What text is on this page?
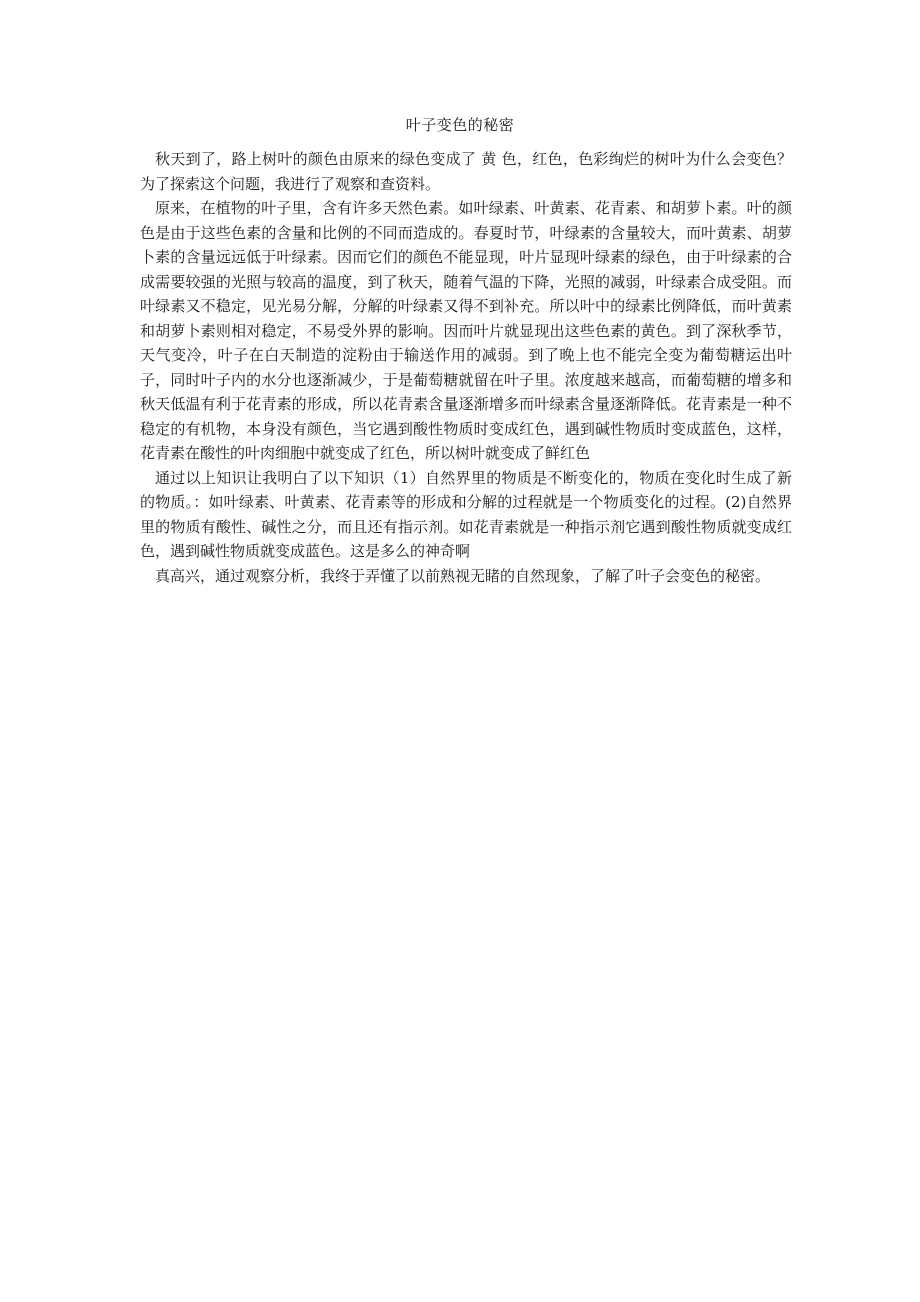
叶子变色的秘密

秋天到了，路上树叶的颜色由原来的绿色变成了 黄 色，红色，色彩绚烂的树叶为什么会变色？为了探索这个问题，我进行了观察和查资料。

原来，在植物的叶子里，含有许多天然色素。如叶绿素、叶黄素、花青素、和胡萝卜素。叶的颜色是由于这些色素的含量和比例的不同而造成的。春夏时节，叶绿素的含量较大，而叶黄素、胡萝卜素的含量远远低于叶绿素。因而它们的颜色不能显现，叶片显现叶绿素的绿色，由于叶绿素的合成需要较强的光照与较高的温度，到了秋天，随着气温的下降，光照的减弱，叶绿素合成受阻。而叶绿素又不稳定，见光易分解，分解的叶绿素又得不到补充。所以叶中的绿素比例降低，而叶黄素和胡萝卜素则相对稳定，不易受外界的影响。因而叶片就显现出这些色素的黄色。到了深秋季节，天气变冷，叶子在白天制造的淀粉由于输送作用的减弱。到了晚上也不能完全变为葡萄糖运出叶子，同时叶子内的水分也逐渐减少，于是葡萄糖就留在叶子里。浓度越来越高，而葡萄糖的增多和秋天低温有利于花青素的形成，所以花青素含量逐渐增多而叶绿素含量逐渐降低。花青素是一种不稳定的有机物，本身没有颜色，当它遇到酸性物质时变成红色，遇到碱性物质时变成蓝色，这样，花青素在酸性的叶肉细胞中就变成了红色，所以树叶就变成了鲜红色

通过以上知识让我明白了以下知识（1）自然界里的物质是不断变化的，物质在变化时生成了新的物质。：如叶绿素、叶黄素、花青素等的形成和分解的过程就是一个物质变化的过程。(2)自然界里的物质有酸性、碱性之分，而且还有指示剂。如花青素就是一种指示剂它遇到酸性物质就变成红色，遇到碱性物质就变成蓝色。这是多么的神奇啊

真高兴，通过观察分析，我终于弄懂了以前熟视无睹的自然现象，了解了叶子会变色的秘密。
